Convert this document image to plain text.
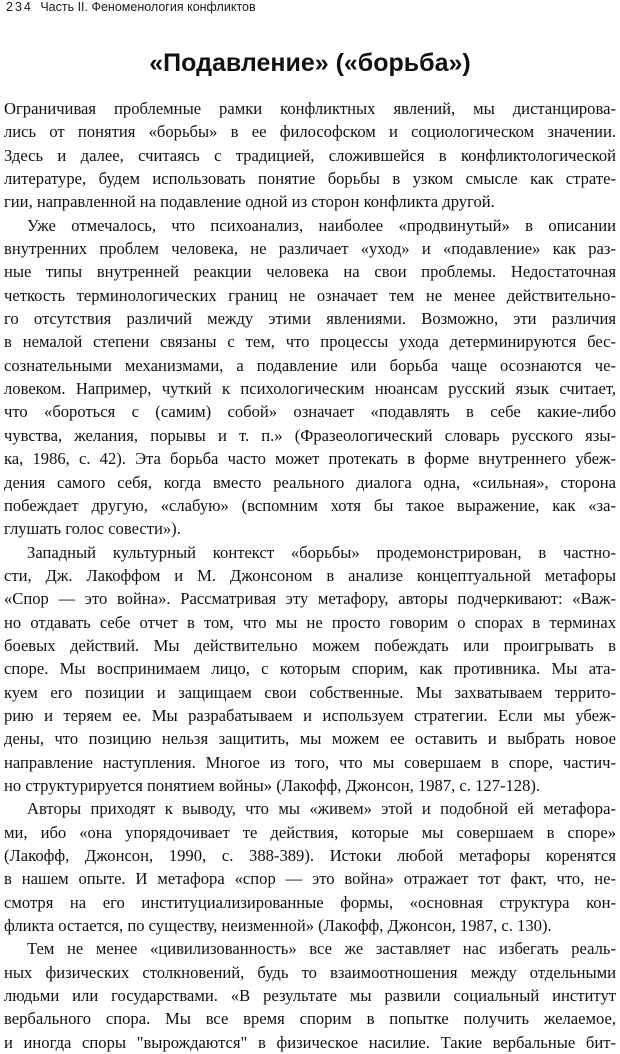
234 Часть II. Феноменология конфликтов
«Подавление» («борьба»)
Ограничивая проблемные рамки конфликтных явлений, мы дистанцирова-
лись от понятия «борьбы» в ее философском и социологическом значении.
Здесь и далее, считаясь с традицией, сложившейся в конфликтологической
литературе, будем использовать понятие борьбы в узком смысле как страте-
гии, направленной на подавление одной из сторон конфликта другой.
Уже отмечалось, что психоанализ, наиболее «продвинутый» в описании
внутренних проблем человека, не различает «уход» и «подавление» как раз-
ные типы внутренней реакции человека на свои проблемы. Недостаточная
четкость терминологических границ не означает тем не менее действительно-
го отсутствия различий между этими явлениями. Возможно, эти различия
в немалой степени связаны с тем, что процессы ухода детерминируются бес-
сознательными механизмами, а подавление или борьба чаще осознаются че-
ловеком. Например, чуткий к психологическим нюансам русский язык считает,
что «бороться с (самим) собой» означает «подавлять в себе какие-либо
чувства, желания, порывы и т. п.» (Фразеологический словарь русского язы-
ка, 1986, с. 42). Эта борьба часто может протекать в форме внутреннего убеж-
дения самого себя, когда вместо реального диалога одна, «сильная», сторона
побеждает другую, «слабую» (вспомним хотя бы такое выражение, как «за-
глушать голос совести»).
Западный культурный контекст «борьбы» продемонстрирован, в частно-
сти, Дж. Лакоффом и М. Джонсоном в анализе концептуальной метафоры
«Спор — это война». Рассматривая эту метафору, авторы подчеркивают: «Важ-
но отдавать себе отчет в том, что мы не просто говорим о спорах в терминах
боевых действий. Мы действительно можем побеждать или проигрывать в
споре. Мы воспринимаем лицо, с которым спорим, как противника. Мы ата-
куем его позиции и защищаем свои собственные. Мы захватываем террито-
рию и теряем ее. Мы разрабатываем и используем стратегии. Если мы убеж-
дены, что позицию нельзя защитить, мы можем ее оставить и выбрать новое
направление наступления. Многое из того, что мы совершаем в споре, частич-
но структурируется понятием войны» (Лакофф, Джонсон, 1987, с. 127-128).
Авторы приходят к выводу, что мы «живем» этой и подобной ей метафора-
ми, ибо «она упорядочивает те действия, которые мы совершаем в споре»
(Лакофф, Джонсон, 1990, с. 388-389). Истоки любой метафоры коренятся
в нашем опыте. И метафора «спор — это война» отражает тот факт, что, не-
смотря на его институциализированные формы, «основная структура кон-
фликта остается, по существу, неизменной» (Лакофф, Джонсон, 1987, с. 130).
Тем не менее «цивилизованность» все же заставляет нас избегать реаль-
ных физических столкновений, будь то взаимоотношения между отдельными
людьми или государствами. «В результате мы развили социальный институт
вербального спора. Мы все время спорим в попытке получить желаемое,
и иногда споры "вырождаются" в физическое насилие. Такие вербальные бит-
